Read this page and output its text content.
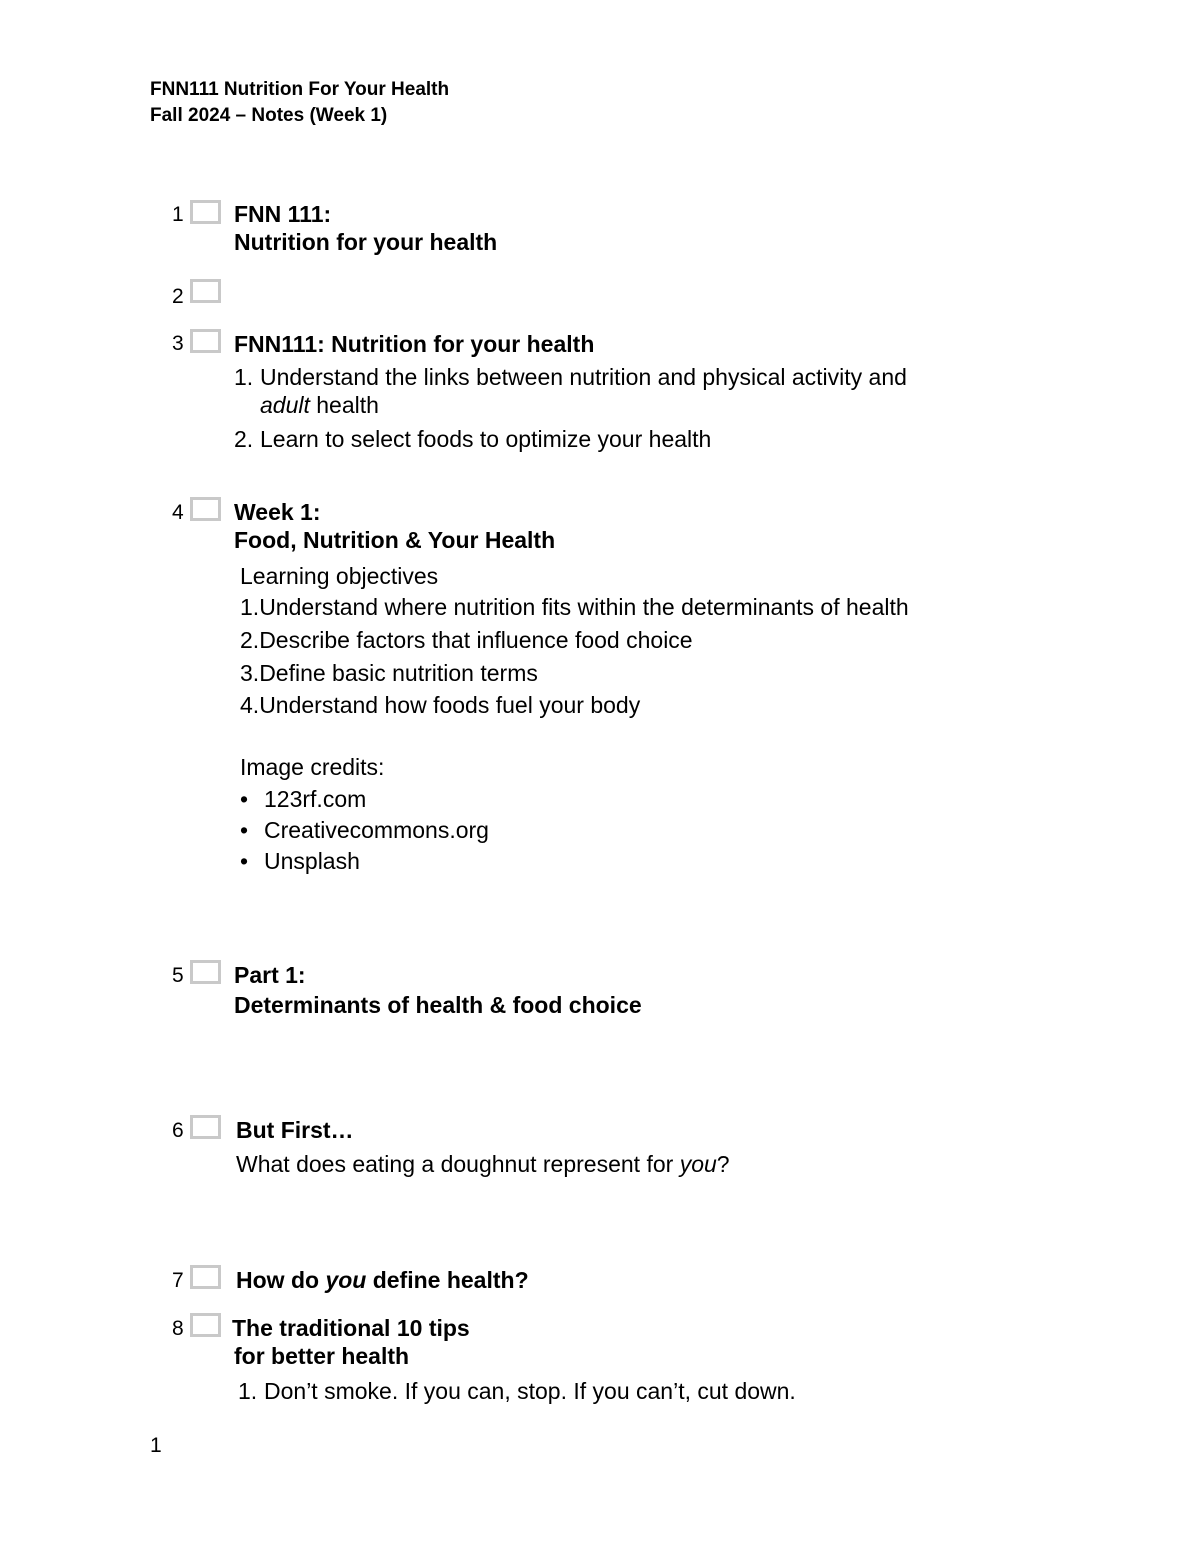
FNN111 Nutrition For Your Health
Fall 2024 – Notes (Week 1)
1 FNN 111:
Nutrition for your health
2
3 FNN111: Nutrition for your health
1. Understand the links between nutrition and physical activity and
adult health
2. Learn to select foods to optimize your health
4 Week 1:
Food, Nutrition & Your Health
Learning objectives
1.Understand where nutrition fits within the determinants of health
2.Describe factors that influence food choice
3.Define basic nutrition terms
4.Understand how foods fuel your body
Image credits:
• 123rf.com
• Creativecommons.org
• Unsplash
5 Part 1:
Determinants of health & food choice
6 But First…
What does eating a doughnut represent for you?
7 How do you define health?
8 The traditional 10 tips
for better health
1. Don’t smoke. If you can, stop. If you can’t, cut down.
1
